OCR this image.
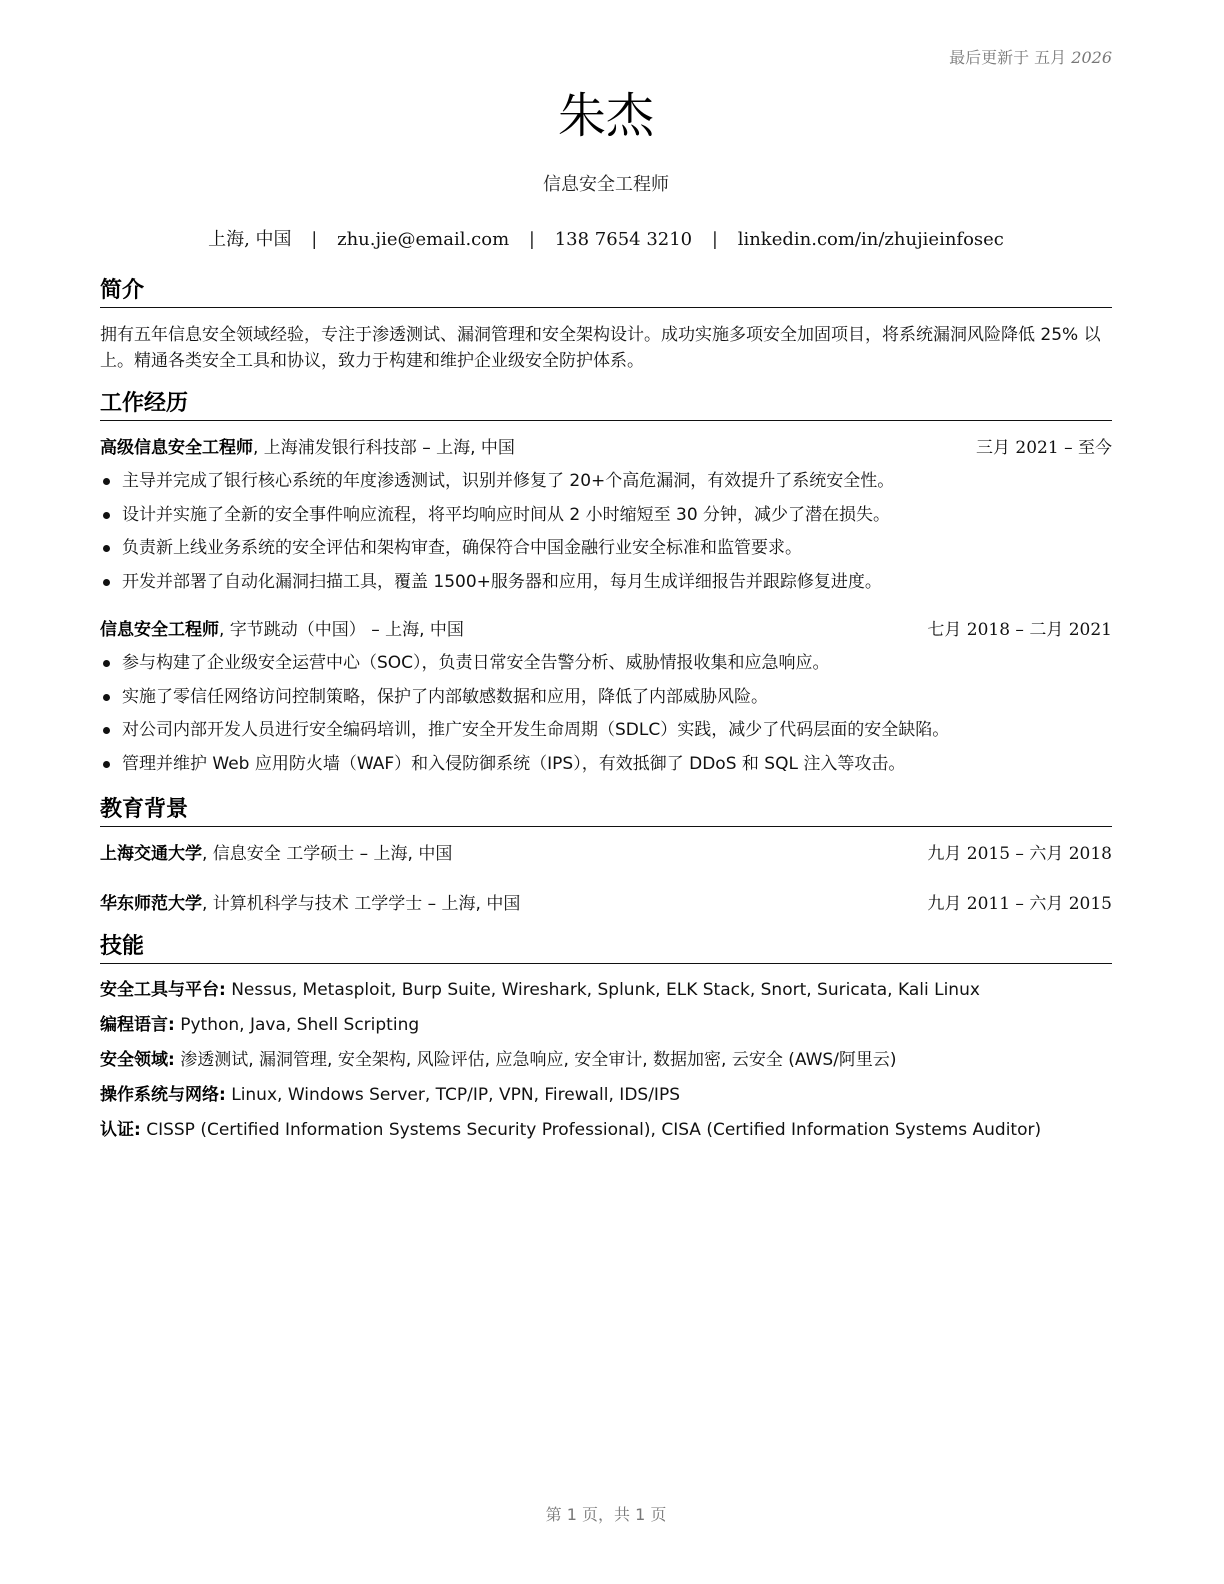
最后更新于 五月 2026
朱杰
信息安全工程师
上海, 中国 | zhu.jie@email.com | 138 7654 3210 | linkedin.com/in/zhujieinfosec
简介
拥有五年信息安全领域经验，专注于渗透测试、漏洞管理和安全架构设计。成功实施多项安全加固项目，将系统漏洞风险降低 25% 以上。精通各类安全工具和协议，致力于构建和维护企业级安全防护体系。
工作经历
高级信息安全工程师, 上海浦发银行科技部 – 上海, 中国	三月 2021 – 至今
主导并完成了银行核心系统的年度渗透测试，识别并修复了 20+个高危漏洞，有效提升了系统安全性。
设计并实施了全新的安全事件响应流程，将平均响应时间从 2 小时缩短至 30 分钟，减少了潜在损失。
负责新上线业务系统的安全评估和架构审查，确保符合中国金融行业安全标准和监管要求。
开发并部署了自动化漏洞扫描工具，覆盖 1500+服务器和应用，每月生成详细报告并跟踪修复进度。
信息安全工程师, 字节跳动（中国） – 上海, 中国	七月 2018 – 二月 2021
参与构建了企业级安全运营中心（SOC），负责日常安全告警分析、威胁情报收集和应急响应。
实施了零信任网络访问控制策略，保护了内部敏感数据和应用，降低了内部威胁风险。
对公司内部开发人员进行安全编码培训，推广安全开发生命周期（SDLC）实践，减少了代码层面的安全缺陷。
管理并维护 Web 应用防火墙（WAF）和入侵防御系统（IPS），有效抵御了 DDoS 和 SQL 注入等攻击。
教育背景
上海交通大学, 信息安全 工学硕士 – 上海, 中国	九月 2015 – 六月 2018
华东师范大学, 计算机科学与技术 工学学士 – 上海, 中国	九月 2011 – 六月 2015
技能
安全工具与平台: Nessus, Metasploit, Burp Suite, Wireshark, Splunk, ELK Stack, Snort, Suricata, Kali Linux
编程语言: Python, Java, Shell Scripting
安全领域: 渗透测试, 漏洞管理, 安全架构, 风险评估, 应急响应, 安全审计, 数据加密, 云安全 (AWS/阿里云)
操作系统与网络: Linux, Windows Server, TCP/IP, VPN, Firewall, IDS/IPS
认证: CISSP (Certified Information Systems Security Professional), CISA (Certified Information Systems Auditor)
第 1 页，共 1 页
